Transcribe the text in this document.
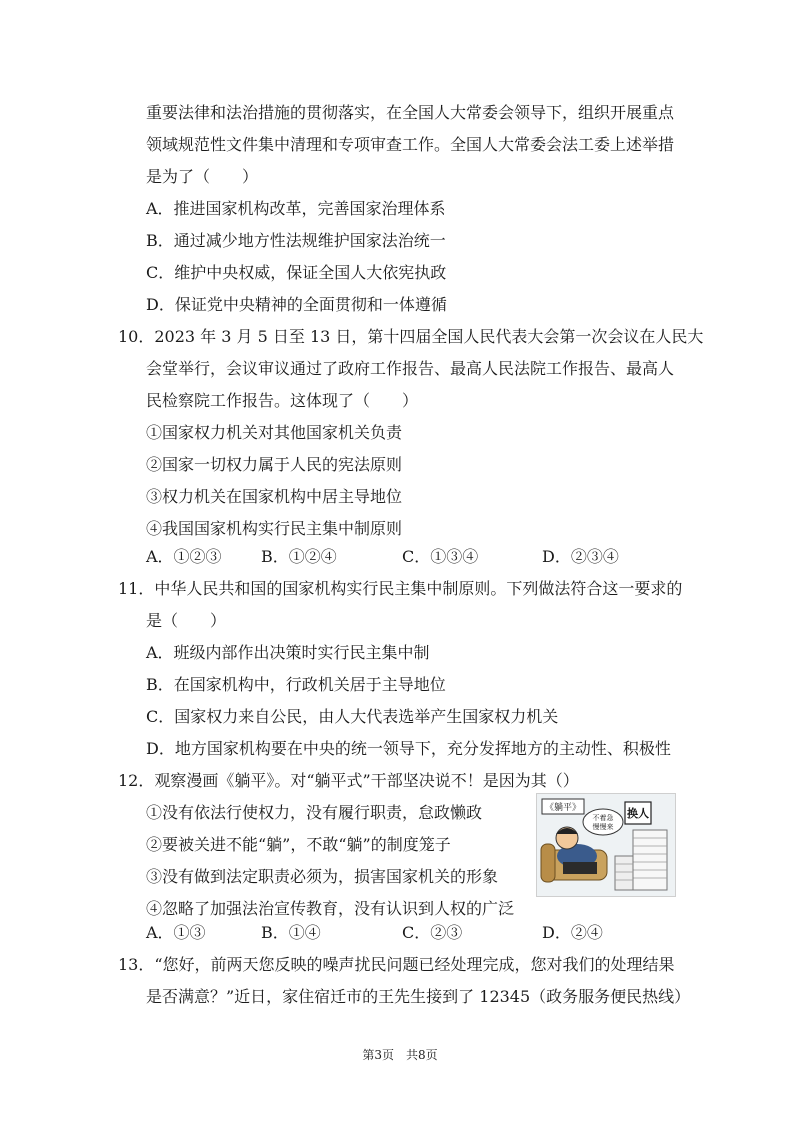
重要法律和法治措施的贯彻落实，在全国人大常委会领导下，组织开展重点
领域规范性文件集中清理和专项审查工作。全国人大常委会法工委上述举措
是为了（　　）
A．推进国家机构改革，完善国家治理体系
B．通过减少地方性法规维护国家法治统一
C．维护中央权威，保证全国人大依宪执政
D．保证党中央精神的全面贯彻和一体遵循
10．2023 年 3 月 5 日至 13 日，第十四届全国人民代表大会第一次会议在人民大
会堂举行，会议审议通过了政府工作报告、最高人民法院工作报告、最高人
民检察院工作报告。这体现了（　　）
①国家权力机关对其他国家机关负责
②国家一切权力属于人民的宪法原则
③权力机关在国家机构中居主导地位
④我国国家机构实行民主集中制原则
A．①②③ B．①②④	C．①③④	D．②③④
11．中华人民共和国的国家机构实行民主集中制原则。下列做法符合这一要求的
是（　　）
A．班级内部作出决策时实行民主集中制
B．在国家机构中，行政机关居于主导地位
C．国家权力来自公民，由人大代表选举产生国家权力机关
D．地方国家机构要在中央的统一领导下，充分发挥地方的主动性、积极性
12．观察漫画《躺平》。对“躺平式”干部坚决说不！是因为其（）
①没有依法行使权力，没有履行职责，怠政懒政
②要被关进不能“躺”，不敢“躺”的制度笼子
③没有做到法定职责必须为，损害国家机关的形象
④忽略了加强法治宣传教育，没有认识到人权的广泛
《躺平》
不着急
慢慢来
换人
A．①③	B．①④	C．②③	D．②④
13．“您好，前两天您反映的噪声扰民问题已经处理完成，您对我们的处理结果
是否满意？”近日，家住宿迁市的王先生接到了 12345（政务服务便民热线）
第3页　共8页
